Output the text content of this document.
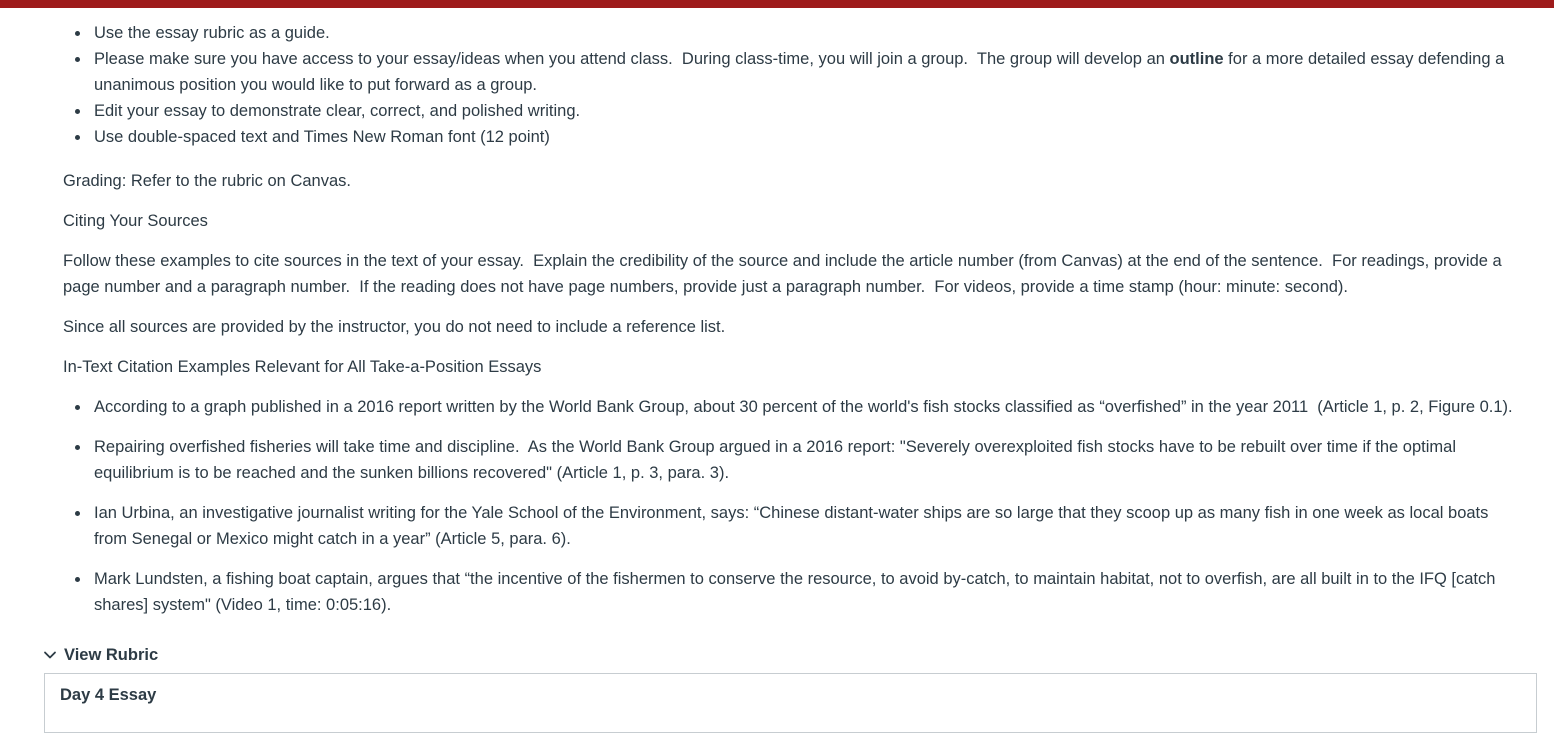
• Use the essay rubric as a guide.
• Please make sure you have access to your essay/ideas when you attend class.  During class-time, you will join a group.  The group will develop an outline for a more detailed essay defending a unanimous position you would like to put forward as a group.
• Edit your essay to demonstrate clear, correct, and polished writing.
• Use double-spaced text and Times New Roman font (12 point)

Grading: Refer to the rubric on Canvas.

Citing Your Sources

Follow these examples to cite sources in the text of your essay.  Explain the credibility of the source and include the article number (from Canvas) at the end of the sentence.  For readings, provide a page number and a paragraph number.  If the reading does not have page numbers, provide just a paragraph number.  For videos, provide a time stamp (hour: minute: second).

Since all sources are provided by the instructor, you do not need to include a reference list.

In-Text Citation Examples Relevant for All Take-a-Position Essays

• According to a graph published in a 2016 report written by the World Bank Group, about 30 percent of the world's fish stocks classified as “overfished” in the year 2011  (Article 1, p. 2, Figure 0.1).
• Repairing overfished fisheries will take time and discipline.  As the World Bank Group argued in a 2016 report: "Severely overexploited fish stocks have to be rebuilt over time if the optimal equilibrium is to be reached and the sunken billions recovered" (Article 1, p. 3, para. 3).
• Ian Urbina, an investigative journalist writing for the Yale School of the Environment, says: “Chinese distant-water ships are so large that they scoop up as many fish in one week as local boats from Senegal or Mexico might catch in a year” (Article 5, para. 6).
• Mark Lundsten, a fishing boat captain, argues that “the incentive of the fishermen to conserve the resource, to avoid by-catch, to maintain habitat, not to overfish, are all built in to the IFQ [catch shares] system" (Video 1, time: 0:05:16).
View Rubric
Day 4 Essay
